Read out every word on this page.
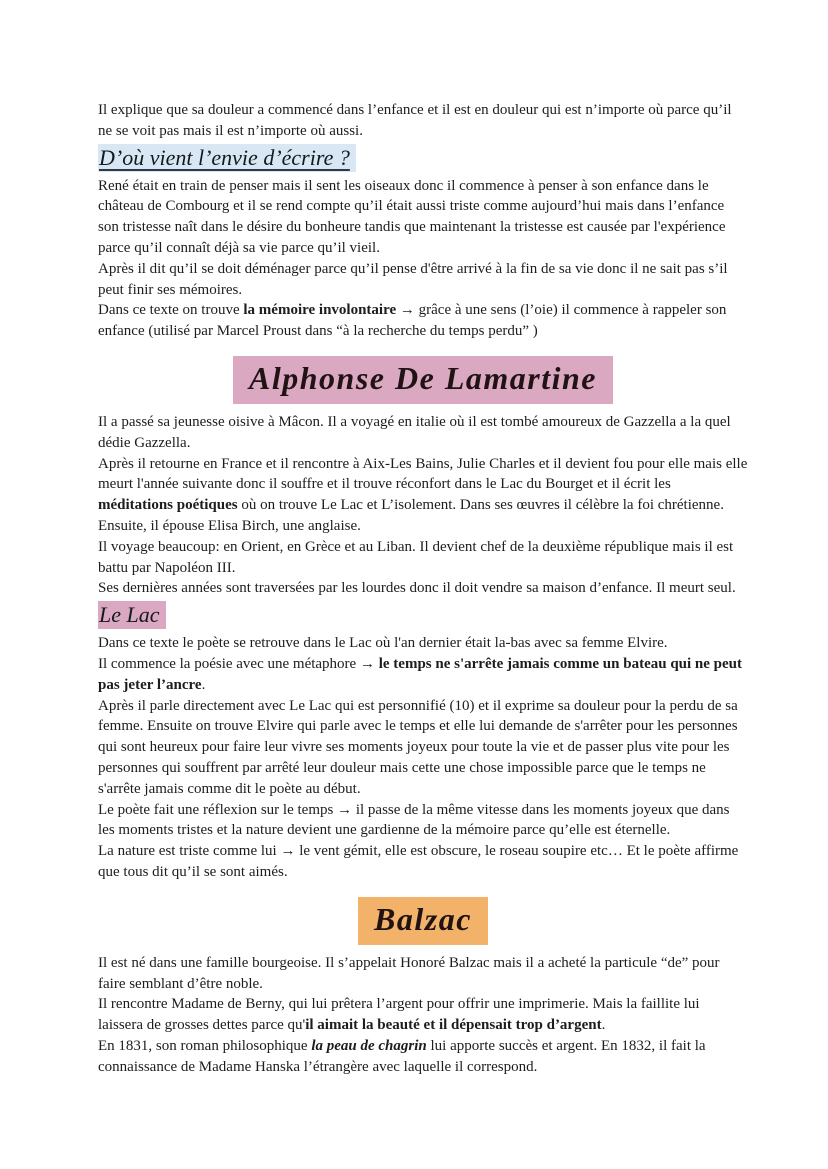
Il explique que sa douleur a commencé dans l’enfance et il est en douleur qui est n’importe où parce qu’il ne se voit pas mais il est n’importe où aussi.

D’où vient l’envie d’écrire ?

René était en train de penser mais il sent les oiseaux donc il commence à penser à son enfance dans le château de Combourg et il se rend compte qu’il était aussi triste comme aujourd’hui mais dans l’enfance son tristesse naît dans le désire du bonheure tandis que maintenant la tristesse est causée par l'expérience parce qu’il connaît déjà sa vie parce qu’il vieil.

Après il dit qu’il se doit déménager parce qu’il pense d'être arrivé à la fin de sa vie donc il ne sait pas s’il peut finir ses mémoires.

Dans ce texte on trouve la mémoire involontaire → grâce à une sens (l’oie) il commence à rappeler son enfance (utilisé par Marcel Proust dans “à la recherche du temps perdu” )

Alphonse De Lamartine

Il a passé sa jeunesse oisive à Mâcon. Il a voyagé en italie où il est tombé amoureux de Gazzella a la quel dédie Gazzella.

Après il retourne en France et il rencontre à Aix-Les Bains, Julie Charles et il devient fou pour elle mais elle meurt l'année suivante donc il souffre et il trouve réconfort dans le Lac du Bourget et il écrit les méditations poétiques où on trouve Le Lac et L’isolement. Dans ses œuvres il célèbre la foi chrétienne. Ensuite, il épouse Elisa Birch, une anglaise.

Il voyage beaucoup: en Orient, en Grèce et au Liban. Il devient chef de la deuxième république mais il est battu par Napoléon III.

Ses dernières années sont traversées par les lourdes donc il doit vendre sa maison d’enfance. Il meurt seul.

Le Lac

Dans ce texte le poète se retrouve dans le Lac où l'an dernier était la-bas avec sa femme Elvire.

Il commence la poésie avec une métaphore → le temps ne s'arrête jamais comme un bateau qui ne peut pas jeter l’ancre.

Après il parle directement avec Le Lac qui est personnifié (10) et il exprime sa douleur pour la perdu de sa femme. Ensuite on trouve Elvire qui parle avec le temps et elle lui demande de s'arrêter pour les personnes qui sont heureux pour faire leur vivre ses moments joyeux pour toute la vie et de passer plus vite pour les personnes qui souffrent par arrêté leur douleur mais cette une chose impossible parce que le temps ne s'arrête jamais comme dit le poète au début.

Le poète fait une réflexion sur le temps → il passe de la même vitesse dans les moments joyeux que dans les moments tristes et la nature devient une gardienne de la mémoire parce qu’elle est éternelle.

La nature est triste comme lui → le vent gémit, elle est obscure, le roseau soupire etc… Et le poète affirme que tous dit qu’il se sont aimés.

Balzac

Il est né dans une famille bourgeoise. Il s’appelait Honoré Balzac mais il a acheté la particule “de” pour faire semblant d’être noble.

Il rencontre Madame de Berny, qui lui prêtera l’argent pour offrir une imprimerie. Mais la faillite lui laissera de grosses dettes parce qu'il aimait la beauté et il dépensait trop d’argent.

En 1831, son roman philosophique la peau de chagrin lui apporte succès et argent. En 1832, il fait la connaissance de Madame Hanska l’étrangère avec laquelle il correspond.
